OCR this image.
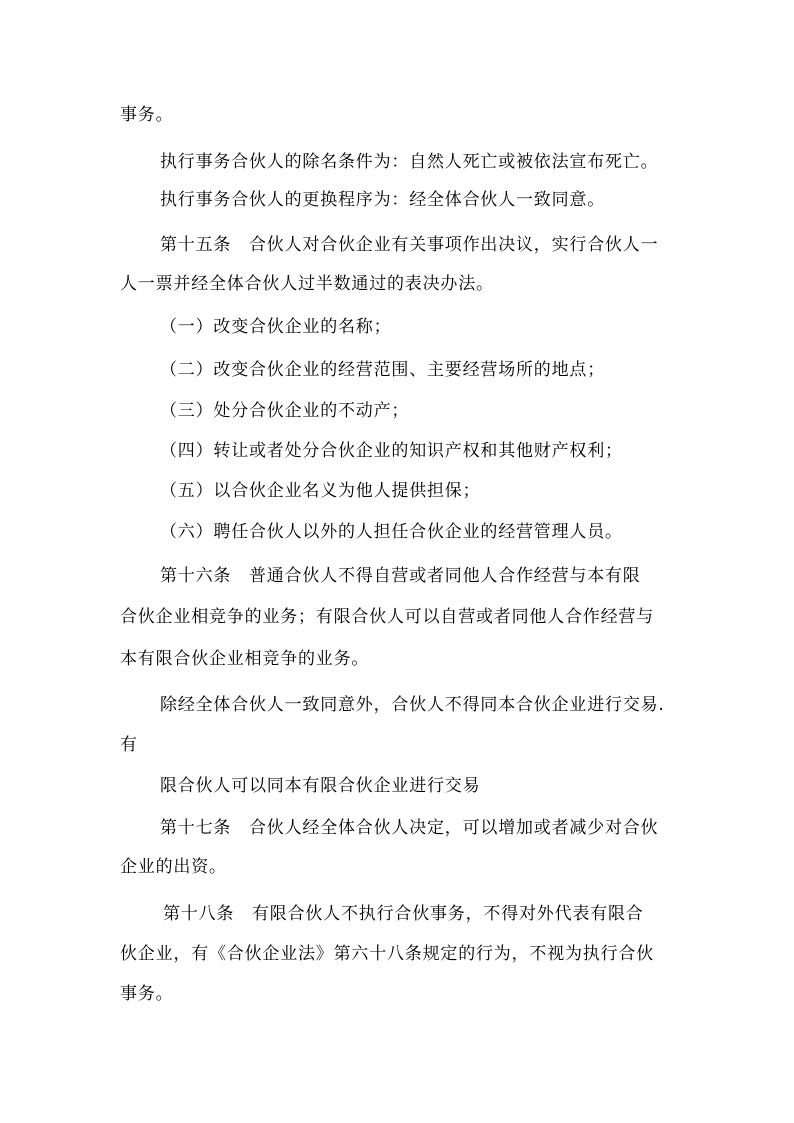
事务。
执行事务合伙人的除名条件为：自然人死亡或被依法宣布死亡。
执行事务合伙人的更换程序为：经全体合伙人一致同意。
第十五条　合伙人对合伙企业有关事项作出决议，实行合伙人一
人一票并经全体合伙人过半数通过的表决办法。
（一）改变合伙企业的名称；
（二）改变合伙企业的经营范围、主要经营场所的地点；
（三）处分合伙企业的不动产；
（四）转让或者处分合伙企业的知识产权和其他财产权利；
（五）以合伙企业名义为他人提供担保；
（六）聘任合伙人以外的人担任合伙企业的经营管理人员。
第十六条　普通合伙人不得自营或者同他人合作经营与本有限
合伙企业相竞争的业务；有限合伙人可以自营或者同他人合作经营与
本有限合伙企业相竞争的业务。
除经全体合伙人一致同意外，合伙人不得同本合伙企业进行交易.
有
限合伙人可以同本有限合伙企业进行交易
第十七条　合伙人经全体合伙人决定，可以增加或者减少对合伙
企业的出资。
第十八条　有限合伙人不执行合伙事务，不得对外代表有限合
伙企业，有《合伙企业法》第六十八条规定的行为，不视为执行合伙
事务。
